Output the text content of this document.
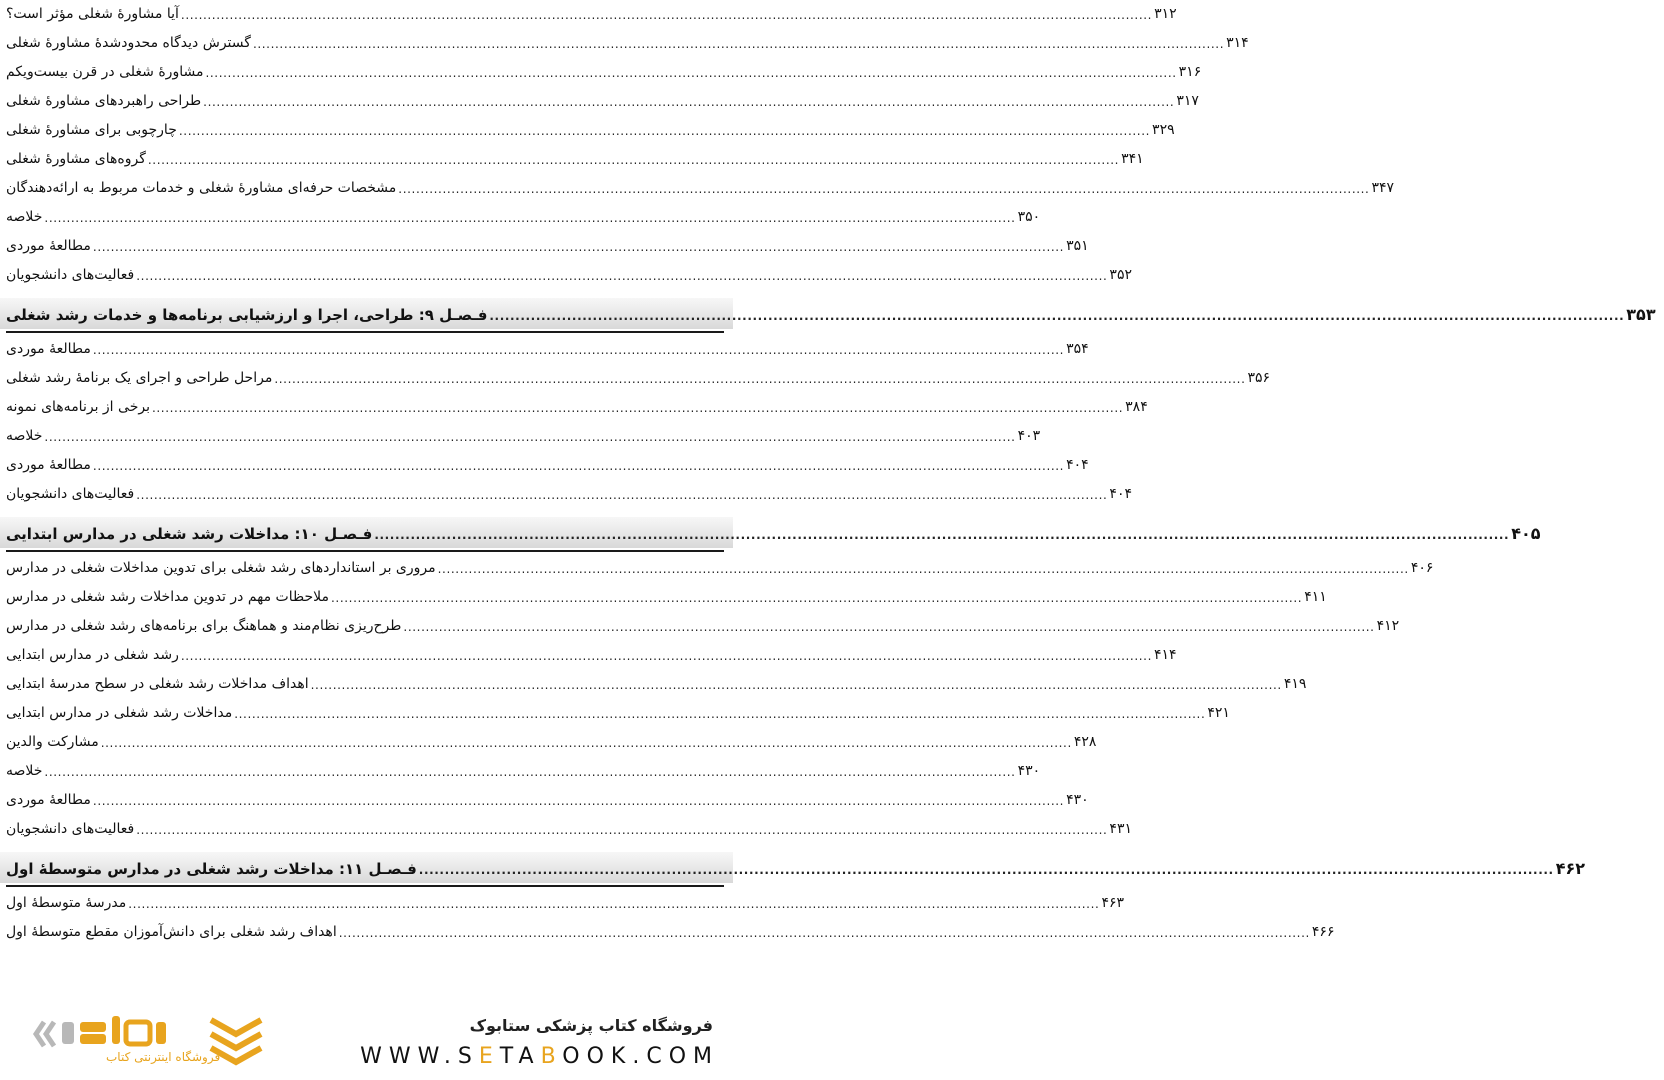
آیا مشاورهٔ شغلی مؤثر است؟ ............................................................................................................................................................................................................................ ۳۱۲
گسترش دیدگاه محدودشدهٔ مشاورهٔ شغلی ............................................................................................................................................................................................................................ ۳۱۴
مشاورهٔ شغلی در قرن بیست‌ویکم ............................................................................................................................................................................................................................ ۳۱۶
طراحی راهبردهای مشاورهٔ شغلی ............................................................................................................................................................................................................................ ۳۱۷
چارچوبی برای مشاورهٔ شغلی ............................................................................................................................................................................................................................ ۳۲۹
گروه‌های مشاورهٔ شغلی ............................................................................................................................................................................................................................ ۳۴۱
مشخصات حرفه‌ای مشاورهٔ شغلی و خدمات مربوط به ارائه‌دهندگان ............................................................................................................................................................................................................................ ۳۴۷
خلاصه ............................................................................................................................................................................................................................ ۳۵۰
مطالعهٔ موردی ............................................................................................................................................................................................................................ ۳۵۱
فعالیت‌های دانشجویان ............................................................................................................................................................................................................................ ۳۵۲
فـصـل ۹: طراحی، اجرا و ارزشیابی برنامه‌ها و خدمات رشد شغلی ............................................................................................................................................................................................................................ ۳۵۳
مطالعهٔ موردی ............................................................................................................................................................................................................................ ۳۵۴
مراحل طراحی و اجرای یک برنامهٔ رشد شغلی ............................................................................................................................................................................................................................ ۳۵۶
برخی از برنامه‌های نمونه ............................................................................................................................................................................................................................ ۳۸۴
خلاصه ............................................................................................................................................................................................................................ ۴۰۳
مطالعهٔ موردی ............................................................................................................................................................................................................................ ۴۰۴
فعالیت‌های دانشجویان ............................................................................................................................................................................................................................ ۴۰۴
فـصـل ۱۰: مداخلات رشد شغلی در مدارس ابتدایی ............................................................................................................................................................................................................................ ۴۰۵
مروری بر استانداردهای رشد شغلی برای تدوین مداخلات شغلی در مدارس ............................................................................................................................................................................................................................ ۴۰۶
ملاحظات مهم در تدوین مداخلات رشد شغلی در مدارس ............................................................................................................................................................................................................................ ۴۱۱
طرح‌ریزی نظام‌مند و هماهنگ برای برنامه‌های رشد شغلی در مدارس ............................................................................................................................................................................................................................ ۴۱۲
رشد شغلی در مدارس ابتدایی ............................................................................................................................................................................................................................ ۴۱۴
اهداف مداخلات رشد شغلی در سطح مدرسهٔ ابتدایی ............................................................................................................................................................................................................................ ۴۱۹
مداخلات رشد شغلی در مدارس ابتدایی ............................................................................................................................................................................................................................ ۴۲۱
مشارکت والدین ............................................................................................................................................................................................................................ ۴۲۸
خلاصه ............................................................................................................................................................................................................................ ۴۳۰
مطالعهٔ موردی ............................................................................................................................................................................................................................ ۴۳۰
فعالیت‌های دانشجویان ............................................................................................................................................................................................................................ ۴۳۱
فـصـل ۱۱: مداخلات رشد شغلی در مدارس متوسطهٔ اول ............................................................................................................................................................................................................................ ۴۶۲
مدرسهٔ متوسطهٔ اول ............................................................................................................................................................................................................................ ۴۶۳
اهداف رشد شغلی برای دانش‌آموزان مقطع متوسطهٔ اول ............................................................................................................................................................................................................................ ۴۶۶
فروشگاه اینترنتی کتاب
فروشگاه کتاب پزشکی ستابوک
WWW.SETABOOK.COM
